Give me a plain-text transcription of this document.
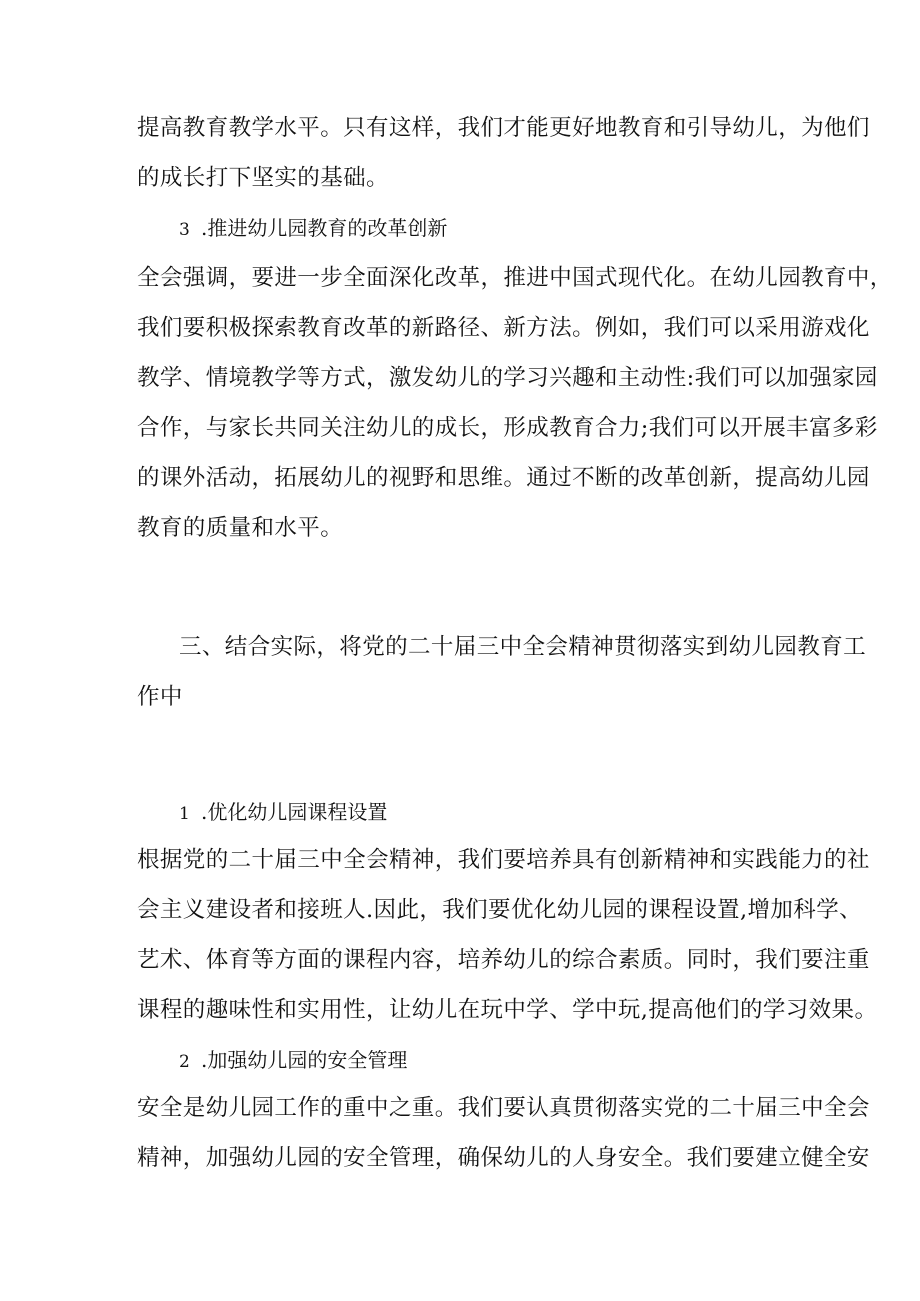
提高教育教学水平。只有这样，我们才能更好地教育和引导幼儿，为他们
的成长打下坚实的基础。
3 .推进幼儿园教育的改革创新
全会强调，要进一步全面深化改革，推进中国式现代化。在幼儿园教育中，
我们要积极探索教育改革的新路径、新方法。例如，我们可以采用游戏化
教学、情境教学等方式，激发幼儿的学习兴趣和主动性:我们可以加强家园
合作，与家长共同关注幼儿的成长，形成教育合力;我们可以开展丰富多彩
的课外活动，拓展幼儿的视野和思维。通过不断的改革创新，提高幼儿园
教育的质量和水平。
三、结合实际，将党的二十届三中全会精神贯彻落实到幼儿园教育工
作中
1 .优化幼儿园课程设置
根据党的二十届三中全会精神，我们要培养具有创新精神和实践能力的社
会主义建设者和接班人.因此，我们要优化幼儿园的课程设置,增加科学、
艺术、体育等方面的课程内容，培养幼儿的综合素质。同时，我们要注重
课程的趣味性和实用性，让幼儿在玩中学、学中玩,提高他们的学习效果。
2 .加强幼儿园的安全管理
安全是幼儿园工作的重中之重。我们要认真贯彻落实党的二十届三中全会
精神，加强幼儿园的安全管理，确保幼儿的人身安全。我们要建立健全安
